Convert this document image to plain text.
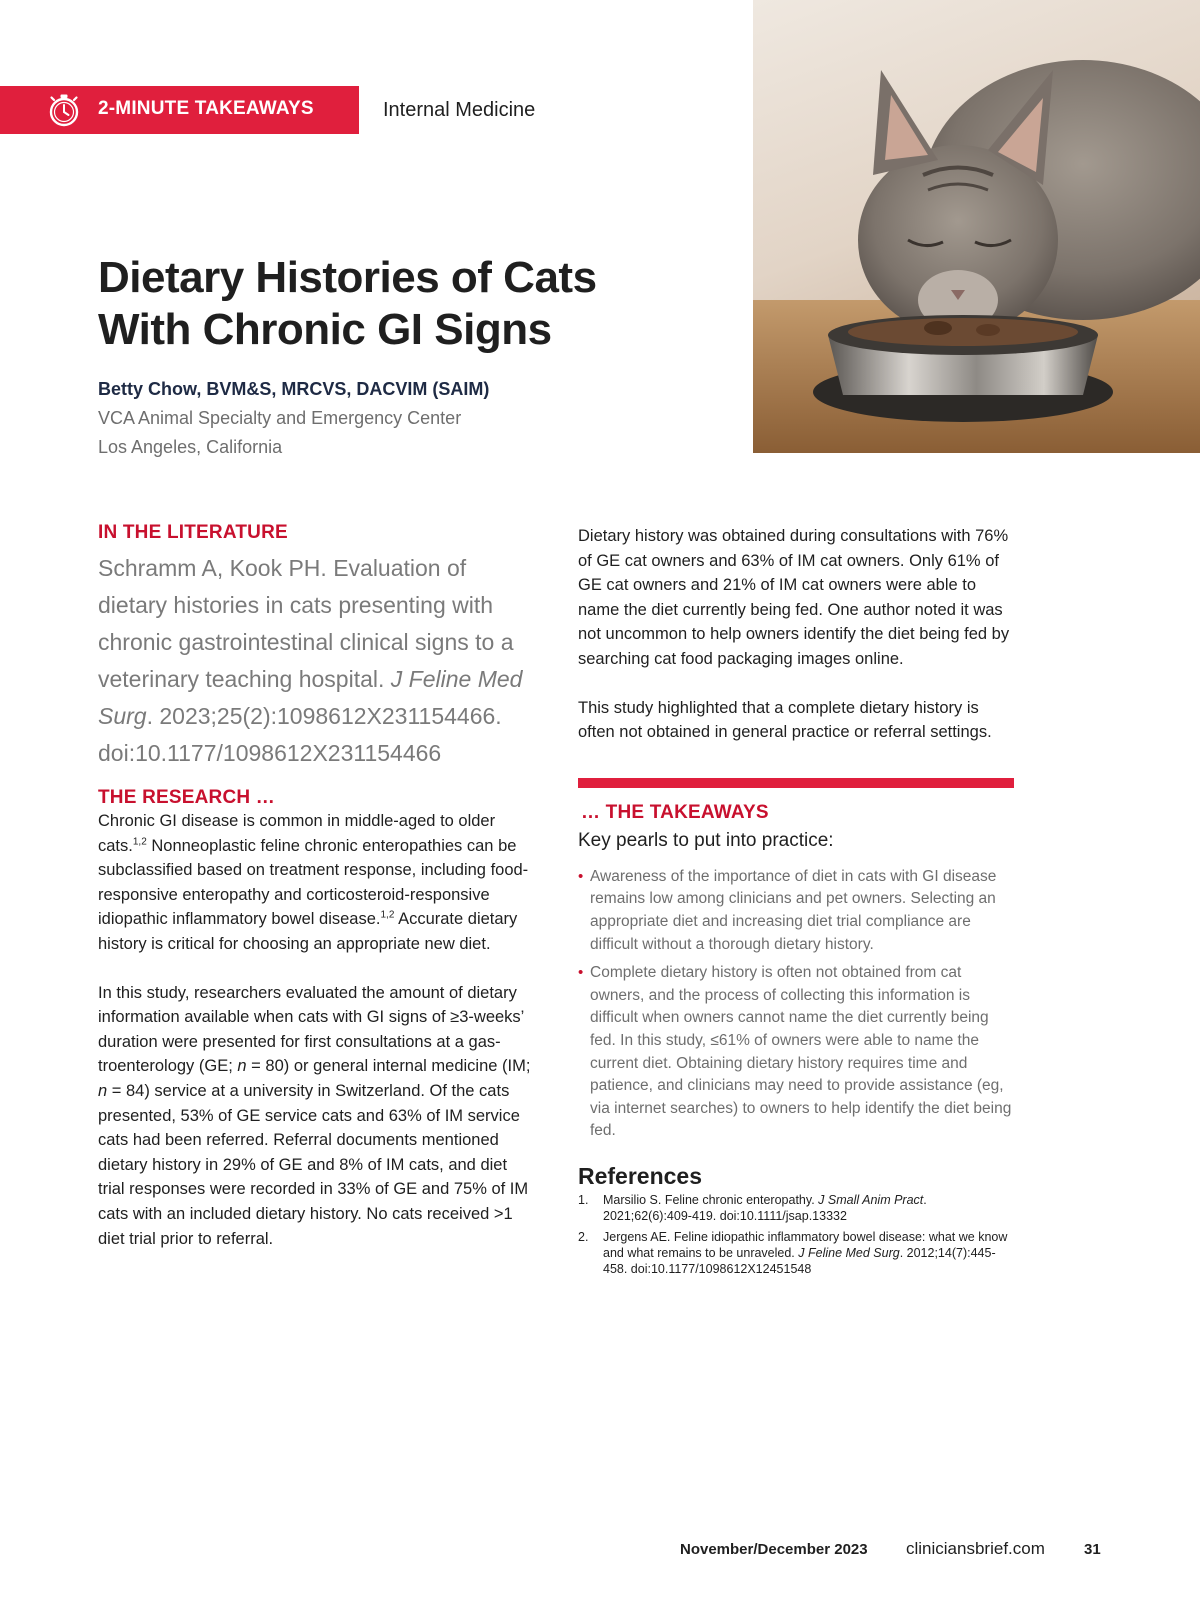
2-MINUTE TAKEAWAYS	Internal Medicine
Dietary Histories of Cats
With Chronic GI Signs
Betty Chow, BVM&S, MRCVS, DACVIM (SAIM)
VCA Animal Specialty and Emergency Center
Los Angeles, California
IN THE LITERATURE

Schramm A, Kook PH. Evaluation of dietary histories in cats presenting with chronic gastrointestinal clinical signs to a veterinary teaching hospital. J Feline Med Surg. 2023;25(2):1098612X231154466. doi:10.1177/1098612X231154466

THE RESEARCH …

Chronic GI disease is common in middle-aged to older cats.$^{1,2}$ Nonneoplastic feline chronic enteropathies can be subclassified based on treatment response, including food-responsive enteropathy and corticosteroid-responsive idiopathic inflammatory bowel disease.$^{1,2}$ Accurate dietary history is critical for choosing an appropriate new diet.

In this study, researchers evaluated the amount of dietary information available when cats with GI signs of ≥3-weeks’ duration were presented for first consultations at a gastroenterology (GE; n = 80) or general internal medicine (IM; n = 84) service at a university in Switzerland. Of the cats presented, 53% of GE service cats and 63% of IM service cats had been referred. Referral documents mentioned dietary history in 29% of GE and 8% of IM cats, and diet trial responses were recorded in 33% of GE and 75% of IM cats with an included dietary history. No cats received >1 diet trial prior to referral.

Dietary history was obtained during consultations with 76% of GE cat owners and 63% of IM cat owners. Only 61% of GE cat owners and 21% of IM cat owners were able to name the diet currently being fed. One author noted it was not uncommon to help owners identify the diet being fed by searching cat food packaging images online.

This study highlighted that a complete dietary history is often not obtained in general practice or referral settings.

… THE TAKEAWAYS
Key pearls to put into practice:
• Awareness of the importance of diet in cats with GI disease remains low among clinicians and pet owners. Selecting an appropriate diet and increasing diet trial compliance are difficult without a thorough dietary history.
• Complete dietary history is often not obtained from cat owners, and the process of collecting this information is difficult when owners cannot name the diet currently being fed. In this study, ≤61% of owners were able to name the current diet. Obtaining dietary history requires time and patience, and clinicians may need to provide assistance (eg, via internet searches) to owners to help identify the diet being fed.
References
1. Marsilio S. Feline chronic enteropathy. J Small Anim Pract. 2021;62(6):409-419. doi:10.1111/jsap.13332
2. Jergens AE. Feline idiopathic inflammatory bowel disease: what we know and what remains to be unraveled. J Feline Med Surg. 2012;14(7):445-458. doi:10.1177/1098612X12451548
November/December 2023 cliniciansbrief.com	31
